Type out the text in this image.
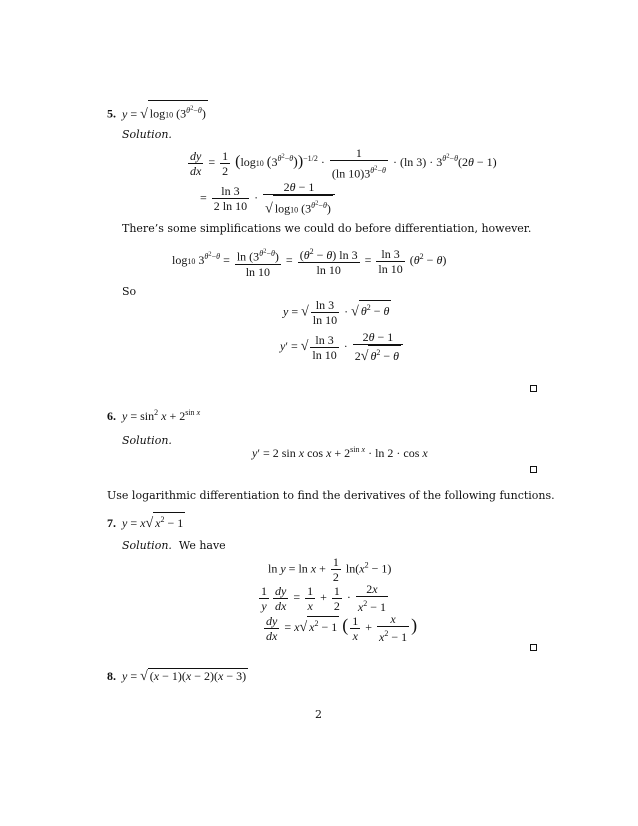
5. y = √ log10 $(3^{\theta^2-\theta})$
Solution.
$\frac{dy}{dx} = \frac{1}{2} (\log 10$ $(3^{\theta^2-\theta}))^{-1/2} \cdot \frac{1}{(\ln 10)3^{\theta^2-\theta}} \cdot (\ln$ $3) \cdot 3^{\theta^2-\theta}(2\theta - 1)$
= $\frac{\ln 3}{2 \ln 10} \cdot \frac{2\theta - 1}{√ \log 10 (3^{\theta^2-\theta})}$
There’s some simplifications we could do before differentiation, however.
log10 $3^{\theta^2-\theta} = \frac{\ln (3^{\theta^2-\theta})}{\ln 10} = \frac{(\theta^2 - \theta) \ln 3}{\ln 10} = \frac{\ln 3}{\ln 10} (\theta^2 - \theta)$
So
y = √ $\frac{\ln 3}{\ln 10}$ · √ $\theta^2 - \theta$
y′ = √ $\frac{\ln 3}{\ln 10} \cdot \frac{2\theta - 1}{2√ \theta^2 - \theta}$
6. $y = \sin^2 x + 2^{sin x}$
Solution.
y′ = 2 sin x $\cos x + 2^{sin x} \cdot \ln 2 \cdot \cos x$
Use logarithmic differentiation to find the derivatives of the following functions.
7. y = x√ $x^2 - 1$
Solution. We have
$\ln y = \ln x + \frac{1}{2} \ln(x^2 - 1)$
$\frac{1}{y} \frac{dy}{dx} = \frac{1}{x} + \frac{1}{2} \cdot \frac{2x}{x^2 - 1}$
$\frac{dy}{dx} = x√$ $x^2 - 1$ ( $\frac{1}{x} + \frac{x}{x^2 - 1}$ )
8. y = √ (x − 1)(x − 2)(x − 3)
2
